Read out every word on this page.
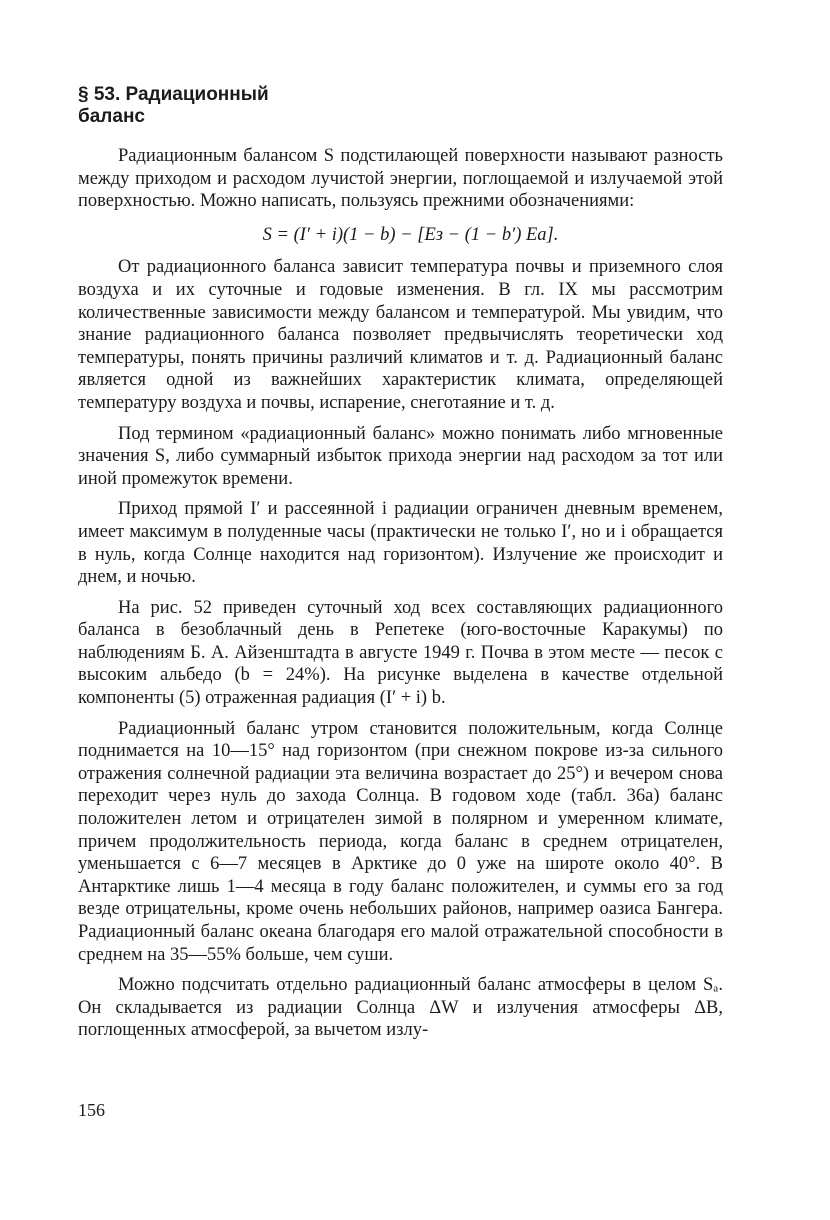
§ 53. Радиационный
баланс

Радиационным балансом S подстилающей поверхности называют разность между приходом и расходом лучистой энергии, поглощаемой и излучаемой этой поверхностью. Можно написать, пользуясь прежними обозначениями:

S = (I′ + i)(1 − b) − [Eз − (1 − b′) Eа].

От радиационного баланса зависит температура почвы и приземного слоя воздуха и их суточные и годовые изменения. В гл. IX мы рассмотрим количественные зависимости между балансом и температурой. Мы увидим, что знание радиационного баланса позволяет предвычислять теоретически ход температуры, понять причины различий климатов и т. д. Радиационный баланс является одной из важнейших характеристик климата, определяющей температуру воздуха и почвы, испарение, снеготаяние и т. д.

Под термином «радиационный баланс» можно понимать либо мгновенные значения S, либо суммарный избыток прихода энергии над расходом за тот или иной промежуток времени.

Приход прямой I′ и рассеянной i радиации ограничен дневным временем, имеет максимум в полуденные часы (практически не только I′, но и i обращается в нуль, когда Солнце находится над горизонтом). Излучение же происходит и днем, и ночью.

На рис. 52 приведен суточный ход всех составляющих радиационного баланса в безоблачный день в Репетеке (юго-восточные Каракумы) по наблюдениям Б. А. Айзенштадта в августе 1949 г. Почва в этом месте — песок с высоким альбедо (b = 24%). На рисунке выделена в качестве отдельной компоненты (5) отраженная радиация (I′ + i) b.

Радиационный баланс утром становится положительным, когда Солнце поднимается на 10—15° над горизонтом (при снежном покрове из-за сильного отражения солнечной радиации эта величина возрастает до 25°) и вечером снова переходит через нуль до захода Солнца. В годовом ходе (табл. 36а) баланс положителен летом и отрицателен зимой в полярном и умеренном климате, причем продолжительность периода, когда баланс в среднем отрицателен, уменьшается с 6—7 месяцев в Арктике до 0 уже на широте около 40°. В Антарктике лишь 1—4 месяца в году баланс положителен, и суммы его за год везде отрицательны, кроме очень небольших районов, например оазиса Бангера. Радиационный баланс океана благодаря его малой отражательной способности в среднем на 35—55% больше, чем суши.

Можно подсчитать отдельно радиационный баланс атмосферы в целом Sₐ. Он складывается из радиации Солнца ΔW и излучения атмосферы ΔB, поглощенных атмосферой, за вычетом излу-

156
